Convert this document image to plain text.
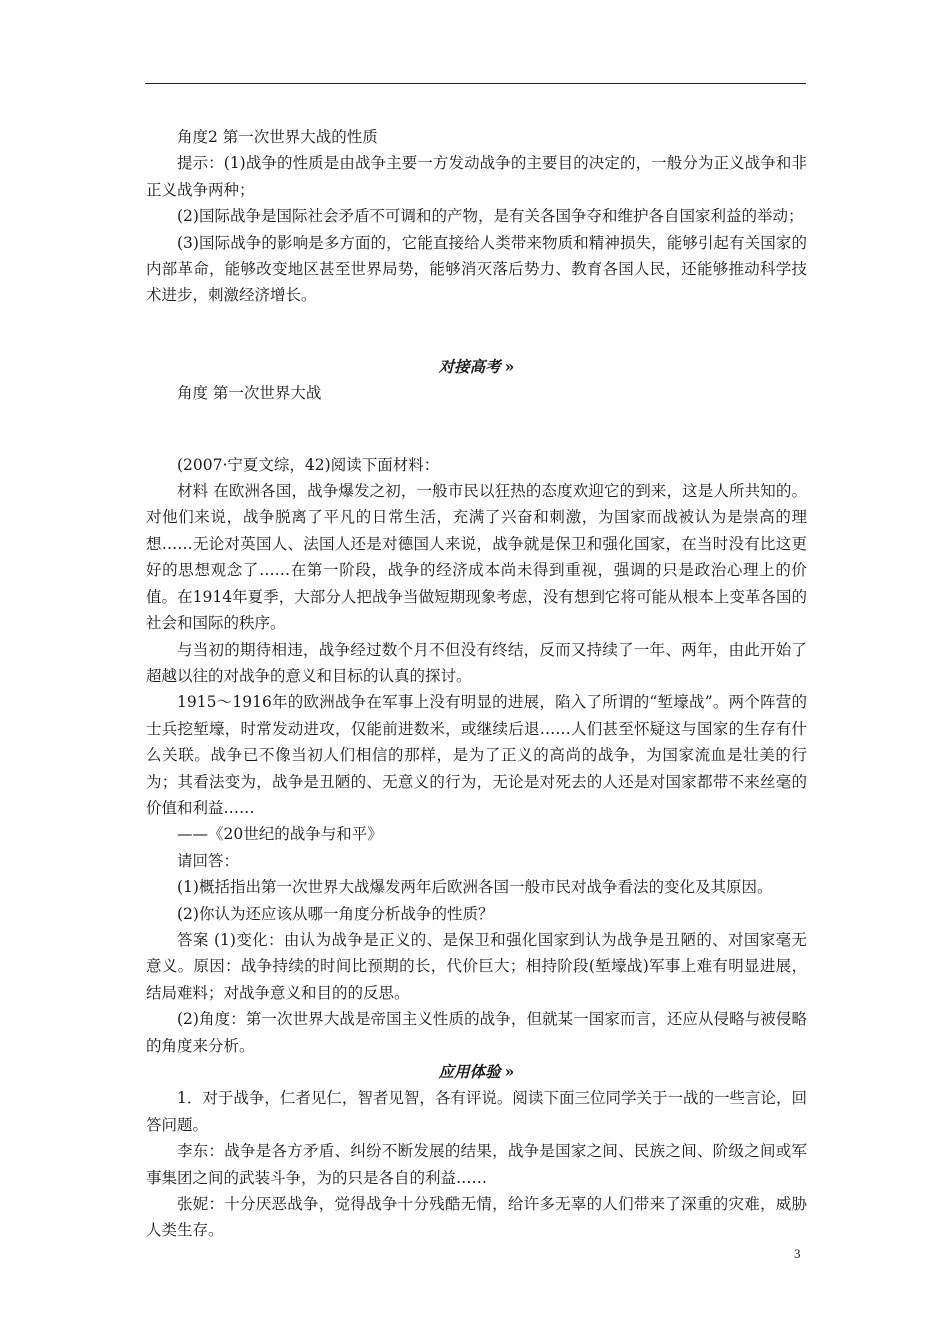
角度2 第一次世界大战的性质

提示：(1)战争的性质是由战争主要一方发动战争的主要目的决定的，一般分为正义战争和非正义战争两种；

(2)国际战争是国际社会矛盾不可调和的产物，是有关各国争夺和维护各自国家利益的举动；

(3)国际战争的影响是多方面的，它能直接给人类带来物质和精神损失，能够引起有关国家的内部革命，能够改变地区甚至世界局势，能够消灭落后势力、教育各国人民，还能够推动科学技术进步，刺激经济增长。

对接高考 »

角度 第一次世界大战

(2007·宁夏文综，42)阅读下面材料：

材料 在欧洲各国，战争爆发之初，一般市民以狂热的态度欢迎它的到来，这是人所共知的。对他们来说，战争脱离了平凡的日常生活，充满了兴奋和刺激，为国家而战被认为是崇高的理想……无论对英国人、法国人还是对德国人来说，战争就是保卫和强化国家，在当时没有比这更好的思想观念了……在第一阶段，战争的经济成本尚未得到重视，强调的只是政治心理上的价值。在1914年夏季，大部分人把战争当做短期现象考虑，没有想到它将可能从根本上变革各国的社会和国际的秩序。

与当初的期待相违，战争经过数个月不但没有终结，反而又持续了一年、两年，由此开始了超越以往的对战争的意义和目标的认真的探讨。

1915～1916年的欧洲战争在军事上没有明显的进展，陷入了所谓的“堑壕战”。两个阵营的士兵挖堑壕，时常发动进攻，仅能前进数米，或继续后退……人们甚至怀疑这与国家的生存有什么关联。战争已不像当初人们相信的那样，是为了正义的高尚的战争，为国家流血是壮美的行为；其看法变为，战争是丑陋的、无意义的行为，无论是对死去的人还是对国家都带不来丝毫的价值和利益……

——《20世纪的战争与和平》

请回答：

(1)概括指出第一次世界大战爆发两年后欧洲各国一般市民对战争看法的变化及其原因。

(2)你认为还应该从哪一角度分析战争的性质？

答案 (1)变化：由认为战争是正义的、是保卫和强化国家到认为战争是丑陋的、对国家毫无意义。原因：战争持续的时间比预期的长，代价巨大；相持阶段(堑壕战)军事上难有明显进展，结局难料；对战争意义和目的的反思。

(2)角度：第一次世界大战是帝国主义性质的战争，但就某一国家而言，还应从侵略与被侵略的角度来分析。

应用体验 »

1．对于战争，仁者见仁，智者见智，各有评说。阅读下面三位同学关于一战的一些言论，回答问题。

李东：战争是各方矛盾、纠纷不断发展的结果，战争是国家之间、民族之间、阶级之间或军事集团之间的武装斗争，为的只是各自的利益……

张妮：十分厌恶战争，觉得战争十分残酷无情，给许多无辜的人们带来了深重的灾难，威胁人类生存。

3
